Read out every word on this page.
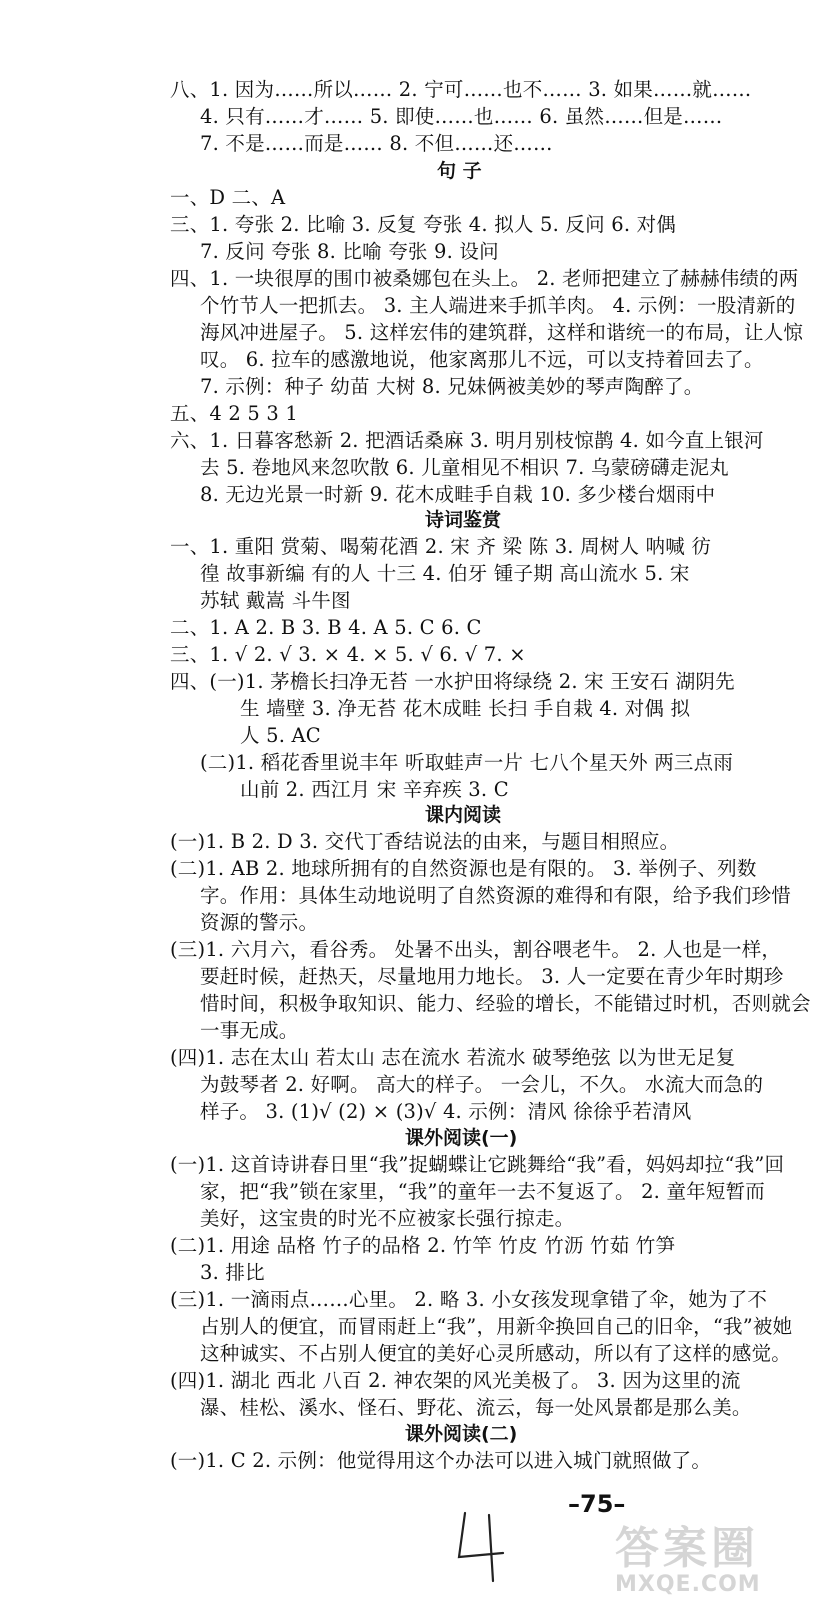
八、1. 因为……所以…… 2. 宁可……也不…… 3. 如果……就……
4. 只有……才…… 5. 即使……也…… 6. 虽然……但是……
7. 不是……而是…… 8. 不但……还……
句 子
一、D 二、A
三、1. 夸张 2. 比喻 3. 反复 夸张 4. 拟人 5. 反问 6. 对偶
7. 反问 夸张 8. 比喻 夸张 9. 设问
四、1. 一块很厚的围巾被桑娜包在头上。 2. 老师把建立了赫赫伟绩的两
个竹节人一把抓去。 3. 主人端进来手抓羊肉。 4. 示例：一股清新的
海风冲进屋子。 5. 这样宏伟的建筑群，这样和谐统一的布局，让人惊
叹。 6. 拉车的感激地说，他家离那儿不远，可以支持着回去了。
7. 示例：种子 幼苗 大树 8. 兄妹俩被美妙的琴声陶醉了。
五、4 2 5 3 1
六、1. 日暮客愁新 2. 把酒话桑麻 3. 明月别枝惊鹊 4. 如今直上银河
去 5. 卷地风来忽吹散 6. 儿童相见不相识 7. 乌蒙磅礴走泥丸
8. 无边光景一时新 9. 花木成畦手自栽 10. 多少楼台烟雨中
诗词鉴赏
一、1. 重阳 赏菊、喝菊花酒 2. 宋 齐 梁 陈 3. 周树人 呐喊 彷
徨 故事新编 有的人 十三 4. 伯牙 锺子期 高山流水 5. 宋
苏轼 戴嵩 斗牛图
二、1. A 2. B 3. B 4. A 5. C 6. C
三、1. √ 2. √ 3. × 4. × 5. √ 6. √ 7. ×
四、(一)1. 茅檐长扫净无苔 一水护田将绿绕 2. 宋 王安石 湖阴先
生 墙壁 3. 净无苔 花木成畦 长扫 手自栽 4. 对偶 拟
人 5. AC
(二)1. 稻花香里说丰年 听取蛙声一片 七八个星天外 两三点雨
山前 2. 西江月 宋 辛弃疾 3. C
课内阅读
(一)1. B 2. D 3. 交代丁香结说法的由来，与题目相照应。
(二)1. AB 2. 地球所拥有的自然资源也是有限的。 3. 举例子、列数
字。作用：具体生动地说明了自然资源的难得和有限，给予我们珍惜
资源的警示。
(三)1. 六月六，看谷秀。 处暑不出头，割谷喂老牛。 2. 人也是一样，
要赶时候，赶热天，尽量地用力地长。 3. 人一定要在青少年时期珍
惜时间，积极争取知识、能力、经验的增长，不能错过时机，否则就会
一事无成。
(四)1. 志在太山 若太山 志在流水 若流水 破琴绝弦 以为世无足复
为鼓琴者 2. 好啊。 高大的样子。 一会儿，不久。 水流大而急的
样子。 3. (1)√ (2) × (3)√ 4. 示例：清风 徐徐乎若清风
课外阅读(一)
(一)1. 这首诗讲春日里“我”捉蝴蝶让它跳舞给“我”看，妈妈却拉“我”回
家，把“我”锁在家里，“我”的童年一去不复返了。 2. 童年短暂而
美好，这宝贵的时光不应被家长强行掠走。
(二)1. 用途 品格 竹子的品格 2. 竹竿 竹皮 竹沥 竹茹 竹笋
3. 排比
(三)1. 一滴雨点……心里。 2. 略 3. 小女孩发现拿错了伞，她为了不
占别人的便宜，而冒雨赶上“我”，用新伞换回自己的旧伞，“我”被她
这种诚实、不占别人便宜的美好心灵所感动，所以有了这样的感觉。
(四)1. 湖北 西北 八百 2. 神农架的风光美极了。 3. 因为这里的流
瀑、桂松、溪水、怪石、野花、流云，每一处风景都是那么美。
课外阅读(二)
(一)1. C 2. 示例：他觉得用这个办法可以进入城门就照做了。
–75–
答案圈
MXQE.COM
